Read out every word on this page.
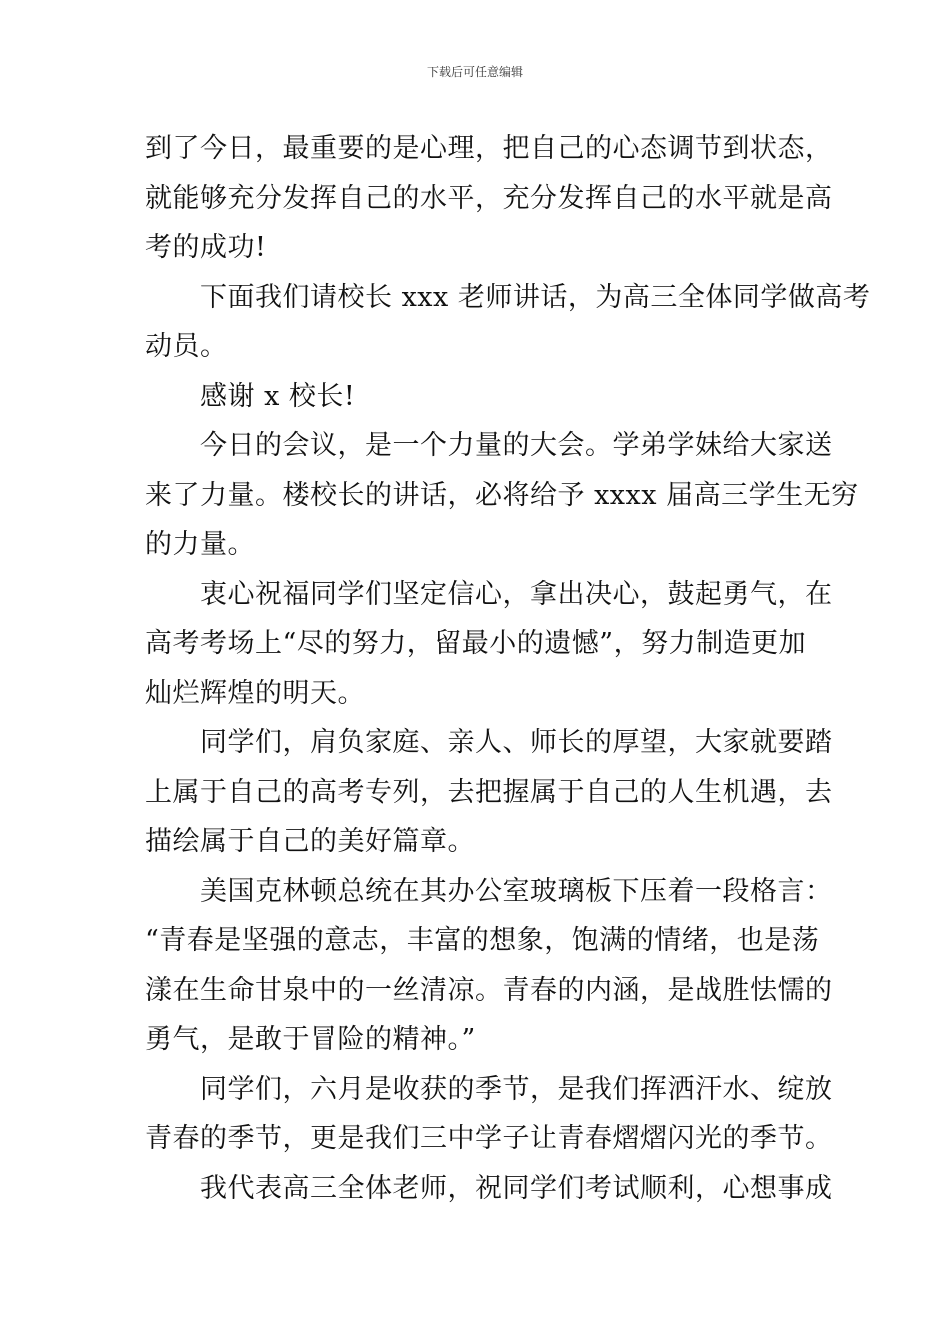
下载后可任意编辑

到了今日，最重要的是心理，把自己的心态调节到状态，
就能够充分发挥自己的水平，充分发挥自己的水平就是高
考的成功!

　　下面我们请校长 xxx 老师讲话，为高三全体同学做高考
动员。

　　感谢 x 校长!

　　今日的会议，是一个力量的大会。学弟学妹给大家送
来了力量。楼校长的讲话，必将给予 xxxx 届高三学生无穷
的力量。

　　衷心祝福同学们坚定信心，拿出决心，鼓起勇气，在
高考考场上“尽的努力，留最小的遗憾”，努力制造更加
灿烂辉煌的明天。

　　同学们，肩负家庭、亲人、师长的厚望，大家就要踏
上属于自己的高考专列，去把握属于自己的人生机遇，去
描绘属于自己的美好篇章。

　　美国克林顿总统在其办公室玻璃板下压着一段格言：
“青春是坚强的意志，丰富的想象，饱满的情绪，也是荡
漾在生命甘泉中的一丝清凉。青春的内涵，是战胜怯懦的
勇气，是敢于冒险的精神。”

　　同学们，六月是收获的季节，是我们挥洒汗水、绽放
青春的季节，更是我们三中学子让青春熠熠闪光的季节。

　　我代表高三全体老师，祝同学们考试顺利，心想事成
